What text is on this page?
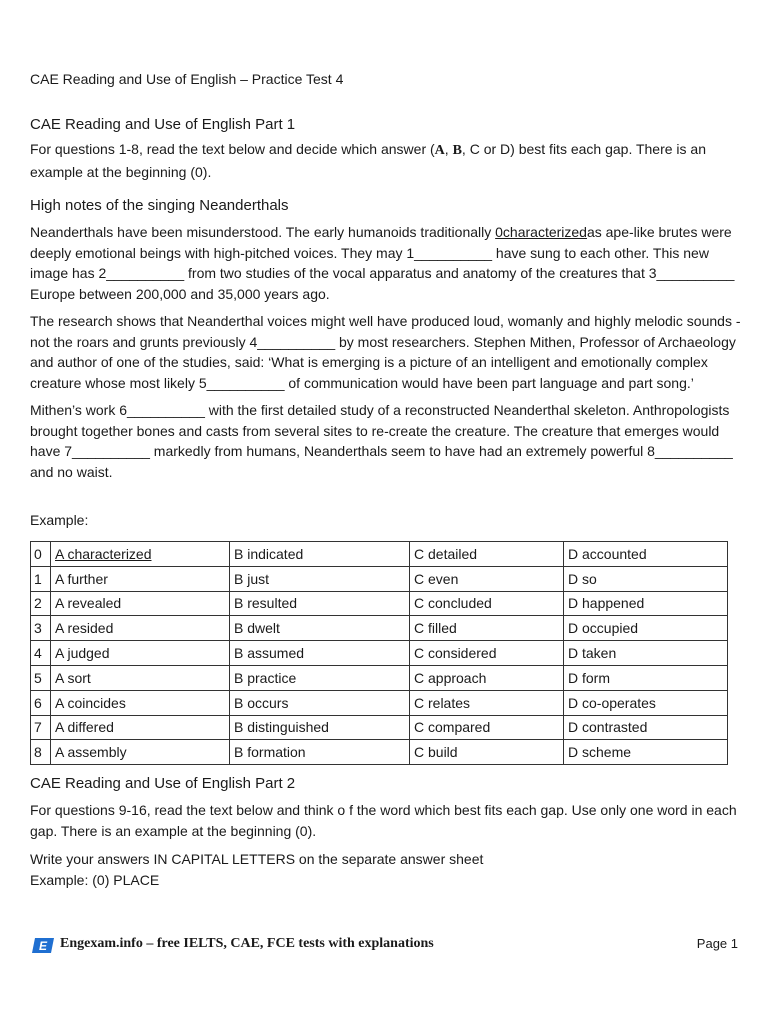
CAE Reading and Use of English – Practice Test 4
CAE Reading and Use of English Part 1

For questions 1-8, read the text below and decide which answer (A, B, C or D) best fits each gap. There is an example at the beginning (0).

High notes of the singing Neanderthals

Neanderthals have been misunderstood. The early humanoids traditionally 0characterizedas ape-like brutes were deeply emotional beings with high-pitched voices. They may 1__________ have sung to each other. This new image has 2__________ from two studies of the vocal apparatus and anatomy of the creatures that 3__________ Europe between 200,000 and 35,000 years ago.

The research shows that Neanderthal voices might well have produced loud, womanly and highly melodic sounds - not the roars and grunts previously 4__________ by most researchers. Stephen Mithen, Professor of Archaeology and author of one of the studies, said: ‘What is emerging is a picture of an intelligent and emotionally complex creature whose most likely 5__________ of communication would have been part language and part song.’

Mithen’s work 6__________ with the first detailed study of a reconstructed Neanderthal skeleton. Anthropologists brought together bones and casts from several sites to re-create the creature. The creature that emerges would have 7__________ markedly from humans, Neanderthals seem to have had an extremely powerful 8__________ and no waist.

Example:
0	A characterized	B indicated	C detailed	D accounted
1	A further	B just	C even	D so
2	A revealed	B resulted	C concluded	D happened
3	A resided	B dwelt	C filled	D occupied
4	A judged	B assumed	C considered	D taken
5	A sort	B practice	C approach	D form
6	A coincides	B occurs	C relates	D co-operates
7	A differed	B distinguished	C compared	D contrasted
8	A assembly	B formation	C build	D scheme
CAE Reading and Use of English Part 2

For questions 9-16, read the text below and think o f the word which best fits each gap. Use only one word in each gap. There is an example at the beginning (0).

Write your answers IN CAPITAL LETTERS on the separate answer sheet

Example: (0) PLACE

E Engexam.info – free IELTS, CAE, FCE tests with explanations	Page 1
